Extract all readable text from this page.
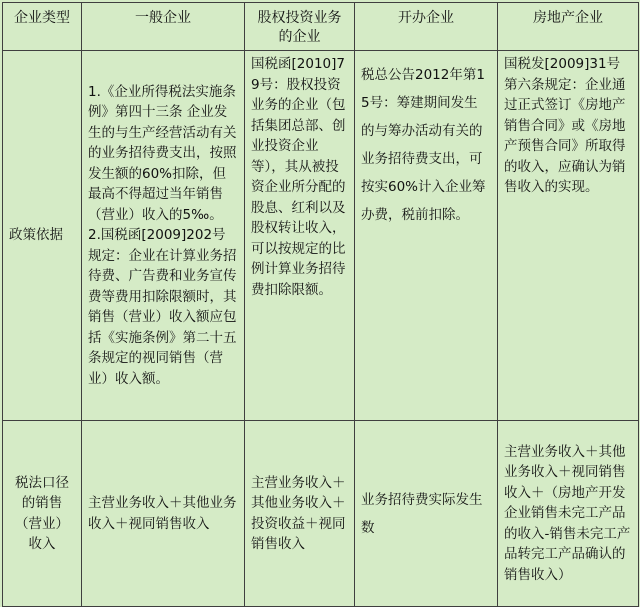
企业类型	一般企业	股权投资业务的企业	开办企业	房地产企业
政策依据	1.《企业所得税法实施条例》第四十三条 企业发生的与生产经营活动有关的业务招待费支出，按照发生额的60%扣除，但最高不得超过当年销售（营业）收入的5‰。
2.国税函[2009]202号规定：企业在计算业务招待费、广告费和业务宣传费等费用扣除限额时，其销售（营业）收入额应包括《实施条例》第二十五条规定的视同销售（营业）收入额。	国税函[2010]79号：股权投资业务的企业（包括集团总部、创业投资企业等），其从被投资企业所分配的股息、红利以及股权转让收入，可以按规定的比例计算业务招待费扣除限额。	税总公告2012年第15号：筹建期间发生的与筹办活动有关的业务招待费支出，可按实60%计入企业筹办费，税前扣除。	国税发[2009]31号第六条规定：企业通过正式签订《房地产销售合同》或《房地产预售合同》所取得的收入，应确认为销售收入的实现。
税法口径的销售（营业）收入	主营业务收入＋其他业务收入＋视同销售收入	主营业务收入＋其他业务收入＋投资收益＋视同销售收入	业务招待费实际发生数	主营业务收入＋其他业务收入＋视同销售收入＋（房地产开发企业销售未完工产品的收入-销售未完工产品转完工产品确认的销售收入）
